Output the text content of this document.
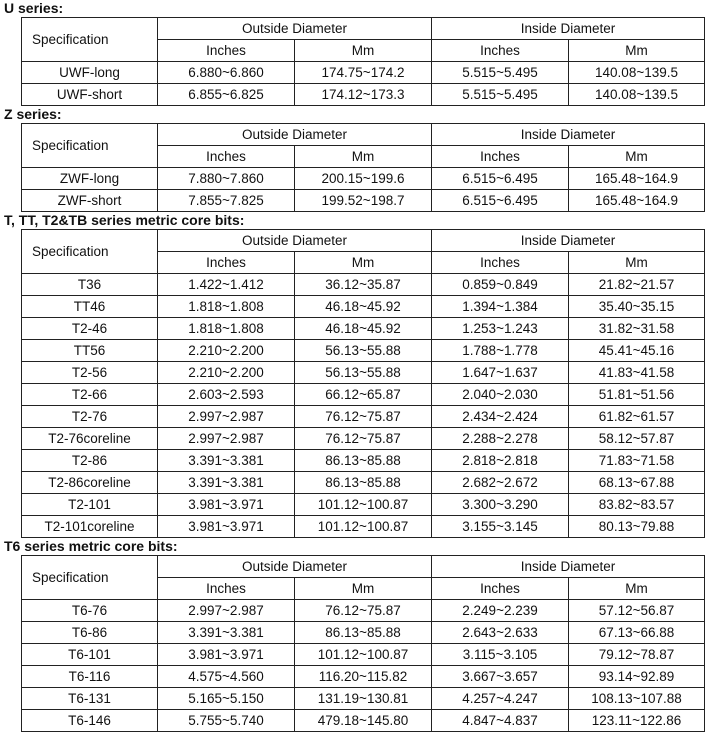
U series:
Specification	Outside Diameter		Inside Diameter	
	Inches	Mm	Inches	Mm
UWF-long	6.880~6.860	174.75~174.2	5.515~5.495	140.08~139.5
UWF-short	6.855~6.825	174.12~173.3	5.515~5.495	140.08~139.5
Z series:
Specification	Outside Diameter		Inside Diameter	
	Inches	Mm	Inches	Mm
ZWF-long	7.880~7.860	200.15~199.6	6.515~6.495	165.48~164.9
ZWF-short	7.855~7.825	199.52~198.7	6.515~6.495	165.48~164.9
T, TT, T2&TB series metric core bits:
Specification	Outside Diameter		Inside Diameter	
	Inches	Mm	Inches	Mm
T36	1.422~1.412	36.12~35.87	0.859~0.849	21.82~21.57
TT46	1.818~1.808	46.18~45.92	1.394~1.384	35.40~35.15
T2-46	1.818~1.808	46.18~45.92	1.253~1.243	31.82~31.58
TT56	2.210~2.200	56.13~55.88	1.788~1.778	45.41~45.16
T2-56	2.210~2.200	56.13~55.88	1.647~1.637	41.83~41.58
T2-66	2.603~2.593	66.12~65.87	2.040~2.030	51.81~51.56
T2-76	2.997~2.987	76.12~75.87	2.434~2.424	61.82~61.57
T2-76coreline	2.997~2.987	76.12~75.87	2.288~2.278	58.12~57.87
T2-86	3.391~3.381	86.13~85.88	2.818~2.818	71.83~71.58
T2-86coreline	3.391~3.381	86.13~85.88	2.682~2.672	68.13~67.88
T2-101	3.981~3.971	101.12~100.87	3.300~3.290	83.82~83.57
T2-101coreline	3.981~3.971	101.12~100.87	3.155~3.145	80.13~79.88
T6 series metric core bits:
Specification	Outside Diameter		Inside Diameter	
	Inches	Mm	Inches	Mm
T6-76	2.997~2.987	76.12~75.87	2.249~2.239	57.12~56.87
T6-86	3.391~3.381	86.13~85.88	2.643~2.633	67.13~66.88
T6-101	3.981~3.971	101.12~100.87	3.115~3.105	79.12~78.87
T6-116	4.575~4.560	116.20~115.82	3.667~3.657	93.14~92.89
T6-131	5.165~5.150	131.19~130.81	4.257~4.247	108.13~107.88
T6-146	5.755~5.740	479.18~145.80	4.847~4.837	123.11~122.86
